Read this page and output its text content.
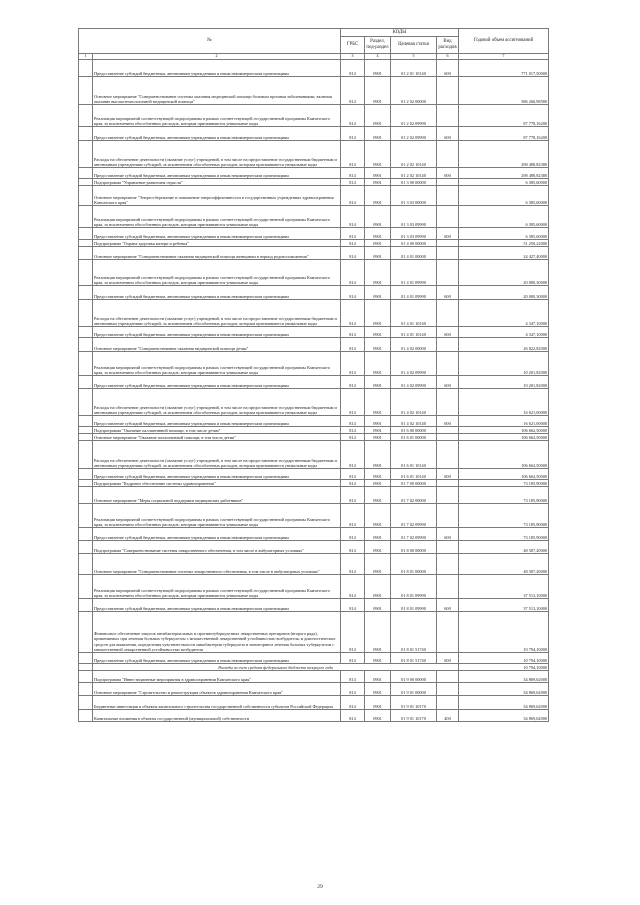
№		КОДЫ				Годовой объем ассигнований
		ГРБС	Раздел, под-раздел	Целевая статья	Вид расходов	
1	2	3	4	5	6	7
	Предоставление субсидий бюджетным, автономным учреждениям и иным некоммерческим организациям	814	0901	01 2 01 10140	600	771 017,50000
	Основное мероприятие "Совершенствование системы оказания медицинской помощи больным прочими заболеваниями, включая оказание высокотехнологичной медицинской помощи"	814	0901	01 2 02 00000		386 266,98580
	Реализация мероприятий соответствующей подпрограммы в рамках соответствующей государственной программы Камчатского края, за исключением обособленных расходов, которым присваиваются уникальные коды	814	0901	01 2 02 09990		87 778,16200
	Предоставление субсидий бюджетным, автономным учреждениям и иным некоммерческим организациям	814	0901	01 2 02 09990	600	87 778,16200
	Расходы на обеспечение деятельности (оказание услуг) учреждений, в том числе на предоставление государственным бюджетным и автономным учреждениям субсидий, за исключением обособленных расходов, которым присваиваются уникальные коды	814	0901	01 2 02 10140		298 488,82380
	Предоставление субсидий бюджетным, автономным учреждениям и иным некоммерческим организациям	814	0901	01 2 02 10140	600	298 488,82380
	Подпрограмма "Управление развитием отрасли"	814	0901	01 3 00 00000		6 385,60000
	Основное мероприятие "Энергосбережение и повышение энергоэффективности в государственных учреждениях здравоохранения Камчатского края"	814	0901	01 3 03 00000		6 385,60000
	Реализация мероприятий соответствующей подпрограммы в рамках соответствующей государственной программы Камчатского края, за исключением обособленных расходов, которым присваиваются уникальные коды	814	0901	01 3 03 09990		6 385,60000
	Предоставление субсидий бюджетным, автономным учреждениям и иным некоммерческим организациям	814	0901	01 3 03 09990	600	6 385,60000
	Подпрограмма "Охрана здоровья матери и ребенка"	814	0901	01 4 00 00000		51 250,22000
	Основное мероприятие "Совершенствование оказания медицинской помощи женщинам в период родовспоможения"	814	0901	01 4 01 00000		24 427,40000
	Реализация мероприятий соответствующей подпрограммы в рамках соответствующей государственной программы Камчатского края, за исключением обособленных расходов, которым присваиваются уникальные коды	814	0901	01 4 01 09990		20 080,30000
	Предоставление субсидий бюджетным, автономным учреждениям и иным некоммерческим организациям	814	0901	01 4 01 09990	600	20 080,30000
	Расходы на обеспечение деятельности (оказание услуг) учреждений, в том числе на предоставление государственным бюджетным и автономным учреждениям субсидий, за исключением обособленных расходов, которым присваиваются уникальные коды	814	0901	01 4 01 10140		4 347,10000
	Предоставление субсидий бюджетным, автономным учреждениям и иным некоммерческим организациям	814	0901	01 4 01 10140	600	4 347,10000
	Основное мероприятие "Совершенствование оказания медицинской помощи детям"	814	0901	01 4 02 00000		26 822,82000
	Реализация мероприятий соответствующей подпрограммы в рамках соответствующей государственной программы Камчатского края, за исключением обособленных расходов, которым присваиваются уникальные коды	814	0901	01 4 02 09990		10 201,82000
	Предоставление субсидий бюджетным, автономным учреждениям и иным некоммерческим организациям	814	0901	01 4 02 09990	600	10 201,82000
	Расходы на обеспечение деятельности (оказание услуг) учреждений, в том числе на предоставление государственным бюджетным и автономным учреждениям субсидий, за исключением обособленных расходов, которым присваиваются уникальные коды	814	0901	01 4 02 10140		16 621,00000
	Предоставление субсидий бюджетным, автономным учреждениям и иным некоммерческим организациям	814	0901	01 4 02 10140	600	16 621,00000
	Подпрограмма "Оказание паллиативной помощи, в том числе детям"	814	0901	01 6 00 00000		106 662,50000
	Основное мероприятие "Оказание паллиативной помощи, в том числе детям"	814	0901	01 6 01 00000		106 662,50000
	Расходы на обеспечение деятельности (оказание услуг) учреждений, в том числе на предоставление государственным бюджетным и автономным учреждениям субсидий, за исключением обособленных расходов, которым присваиваются уникальные коды	814	0901	01 6 01 10140		106 662,50000
	Предоставление субсидий бюджетным, автономным учреждениям и иным некоммерческим организациям	814	0901	01 6 01 10140	600	106 662,50000
	Подпрограмма "Кадровое обеспечение системы здравоохранения"	814	0901	01 7 00 00000		73 185,90000
	Основное мероприятие "Меры социальной поддержки медицинских работников"	814	0901	01 7 02 00000		73 185,90000
	Реализация мероприятий соответствующей подпрограммы в рамках соответствующей государственной программы Камчатского края, за исключением обособленных расходов, которым присваиваются уникальные коды	814	0901	01 7 02 09990		73 185,90000
	Предоставление субсидий бюджетным, автономным учреждениям и иным некоммерческим организациям	814	0901	01 7 02 09990	600	73 185,90000
	Подпрограмма "Совершенствование системы лекарственного обеспечения, в том числе в амбулаторных условиях"	814	0901	01 8 00 00000		48 307,20000
	Основное мероприятие "Совершенствование системы лекарственного обеспечения, в том числе в амбулаторных условиях"	814	0901	01 8 01 00000		48 307,20000
	Реализация мероприятий соответствующей подпрограммы в рамках соответствующей государственной программы Камчатского края, за исключением обособленных расходов, которым присваиваются уникальные коды	814	0901	01 8 01 09990		37 513,10000
	Предоставление субсидий бюджетным, автономным учреждениям и иным некоммерческим организациям	814	0901	01 8 01 09990	600	37 513,10000
	Финансовое обеспечение закупок антибактериальных и противотуберкулезных лекарственных препаратов (второго ряда), применяемых при лечении больных туберкулезом с множественной лекарственной устойчивостью возбудителя, и диагностических средств для выявления, определения чувствительности микобактерии туберкулеза и мониторинга лечения больных туберкулезом с множественной лекарственной устойчивостью возбудителя	814	0901	01 8 01 51740		10 794,10000
	Предоставление субсидий бюджетным, автономным учреждениям и иным некоммерческим организациям	814	0901	01 8 01 51740	600	10 794,10000
	Расходы за счет средств федерального бюджета текущего года					10 794,10000
	Подпрограмма "Инвестиционные мероприятия в здравоохранении Камчатского края"	814	0901	01 9 00 00000		34 869,62000
	Основное мероприятие "Строительство и реконструкция объектов здравоохранения Камчатского края"	814	0901	01 9 01 00000		34 869,62000
	Бюджетные инвестиции в объекты капитального строительства государственной собственности субъектов Российской Федерации	814	0901	01 9 01 10170		34 869,62000
	Капитальные вложения в объекты государственной (муниципальной) собственности	814	0901	01 9 01 10170	400	34 869,62000
29
